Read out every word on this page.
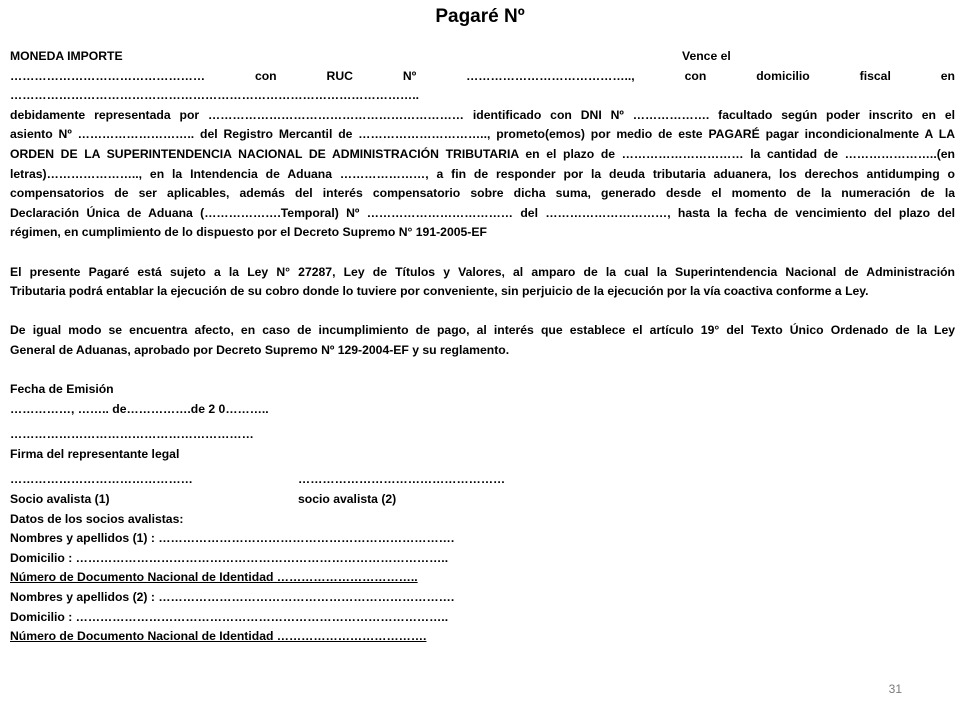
Pagaré Nº
MONEDA IMPORTE	Vence el
………………………………………… con RUC Nº ………………………………….., con domicilio fiscal en ………………………………………………………………………………………..
debidamente representada por ……………………………………………………… identificado con DNI Nº ………………. facultado según poder inscrito en el
asiento Nº ……………………….. del Registro Mercantil de ………………………….., prometo(emos) por medio de este PAGARÉ pagar incondicionalmente A LA
ORDEN DE LA SUPERINTENDENCIA NACIONAL DE ADMINISTRACIÓN TRIBUTARIA en el plazo de ………………………… la cantidad de …………………..(en
letras)………………….., en la Intendencia de Aduana …………………, a fin de responder por la deuda tributaria aduanera, los derechos antidumping o
compensatorios de ser aplicables, además del interés compensatorio sobre dicha suma, generado desde el momento de la numeración de la
Declaración Única de Aduana (……………….Temporal) Nº ……………………………… del …………………………, hasta la fecha de vencimiento del plazo del
régimen, en cumplimiento de lo dispuesto por el Decreto Supremo N° 191-2005-EF
El presente Pagaré está sujeto a la Ley N° 27287, Ley de Títulos y Valores, al amparo de la cual la Superintendencia Nacional de Administración
Tributaria podrá entablar la ejecución de su cobro donde lo tuviere por conveniente, sin perjuicio de la ejecución por la vía coactiva conforme a Ley.
De igual modo se encuentra afecto, en caso de incumplimiento de pago, al interés que establece el artículo 19° del Texto Único Ordenado de la Ley
General de Aduanas, aprobado por Decreto Supremo Nº 129-2004-EF y su reglamento.
Fecha de Emisión
……………, …….. de…………….de 2 0………..
……………………………………………………
Firma del representante legal
………………………………………	……………………………………………
Socio avalista (1)	socio avalista (2)
Datos de los socios avalistas:
Nombres y apellidos (1) : ……………………………………………………………….
Domicilio : ………………………………………………………………………………..
Número de Documento Nacional de Identidad ……………………………..
Nombres y apellidos (2) : ……………………………………………………………….
Domicilio : ………………………………………………………………………………..
Número de Documento Nacional de Identidad ……………………………….
31
